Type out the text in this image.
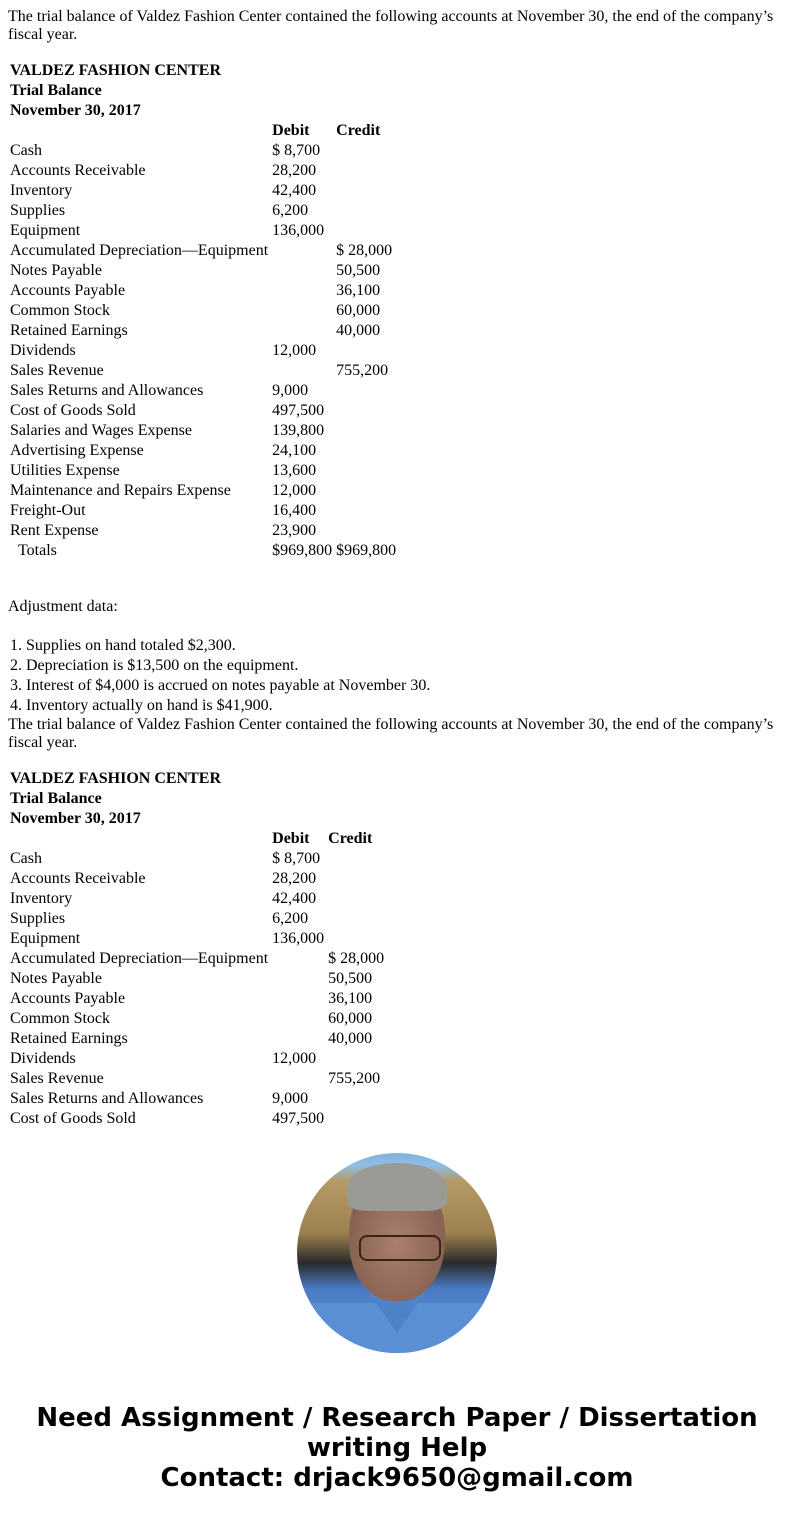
The trial balance of Valdez Fashion Center contained the following accounts at November 30, the end of the company’s fiscal year.

VALDEZ FASHION CENTER		
Trial Balance		
November 30, 2017		
	Debit	Credit
Cash	$ 8,700	
Accounts Receivable	28,200	
Inventory	42,400	
Supplies	6,200	
Equipment	136,000	
Accumulated Depreciation—Equipment		$ 28,000
Notes Payable		50,500
Accounts Payable		36,100
Common Stock		60,000
Retained Earnings		40,000
Dividends	12,000	
Sales Revenue		755,200
Sales Returns and Allowances	9,000	
Cost of Goods Sold	497,500	
Salaries and Wages Expense	139,800	
Advertising Expense	24,100	
Utilities Expense	13,600	
Maintenance and Repairs Expense	12,000	
Freight-Out	16,400	
Rent Expense	23,900	
Totals	$969,800	$969,800

Adjustment data:

1. Supplies on hand totaled $2,300.
2. Depreciation is $13,500 on the equipment.
3. Interest of $4,000 is accrued on notes payable at November 30.
4. Inventory actually on hand is $41,900.

The trial balance of Valdez Fashion Center contained the following accounts at November 30, the end of the company’s fiscal year.

VALDEZ FASHION CENTER		
Trial Balance		
November 30, 2017		
	Debit	Credit
Cash	$ 8,700	
Accounts Receivable	28,200	
Inventory	42,400	
Supplies	6,200	
Equipment	136,000	
Accumulated Depreciation—Equipment		$ 28,000
Notes Payable		50,500
Accounts Payable		36,100
Common Stock		60,000
Retained Earnings		40,000
Dividends	12,000	
Sales Revenue		755,200
Sales Returns and Allowances	9,000	
Cost of Goods Sold	497,500	
Need Assignment / Research Paper / Dissertation
writing Help
Contact: drjack9650@gmail.com
